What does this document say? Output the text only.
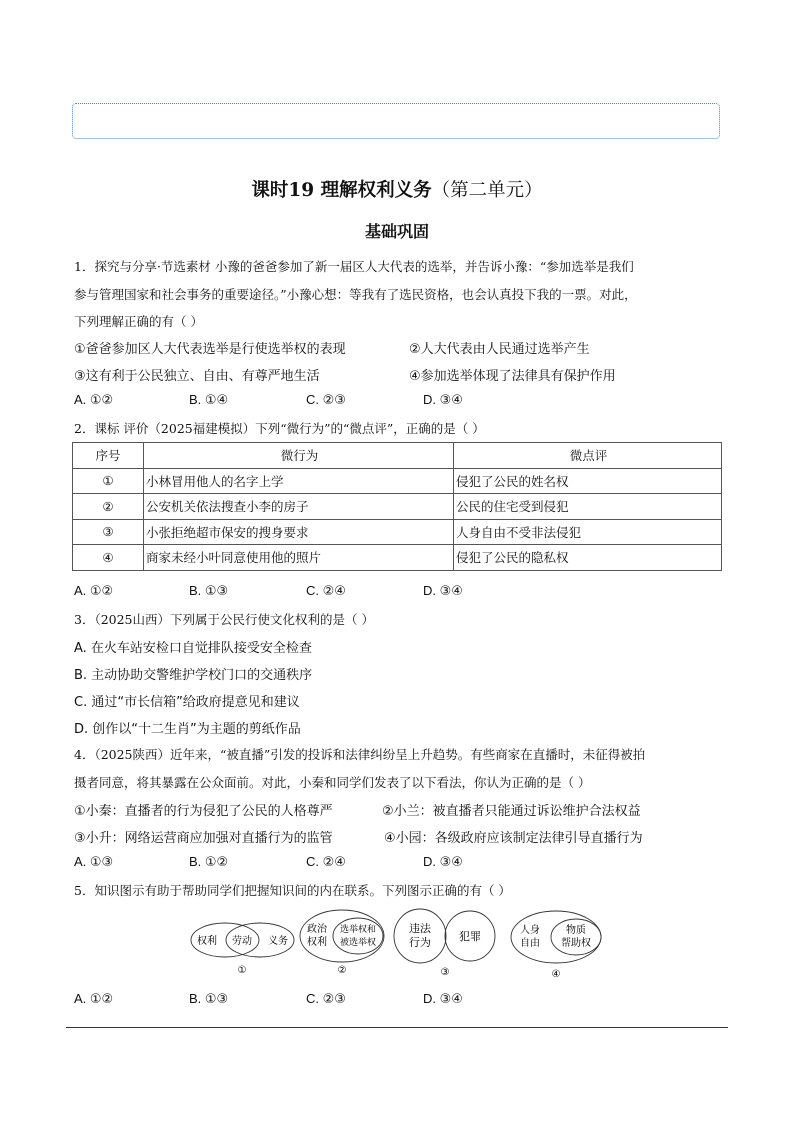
课时19 理解权利义务（第二单元）
基础巩固
1．探究与分享·节选素材 小豫的爸爸参加了新一届区人大代表的选举，并告诉小豫：“参加选举是我们
参与管理国家和社会事务的重要途径。”小豫心想：等我有了选民资格，也会认真投下我的一票。对此，
下列理解正确的有（ ）
①爸爸参加区人大代表选举是行使选举权的表现	②人大代表由人民通过选举产生
③这有利于公民独立、自由、有尊严地生活	④参加选举体现了法律具有保护作用
A. ①②	B. ①④	C. ②③	D. ③④
2．课标 评价（2025福建模拟）下列“微行为”的“微点评”，正确的是（ ）
序号	微行为	微点评
①	小林冒用他人的名字上学	侵犯了公民的姓名权
②	公安机关依法搜查小李的房子	公民的住宅受到侵犯
③	小张拒绝超市保安的搜身要求	人身自由不受非法侵犯
④	商家未经小叶同意使用他的照片	侵犯了公民的隐私权
A. ①②	B. ①③	C. ②④	D. ③④
3．（2025山西）下列属于公民行使文化权利的是（ ）
A. 在火车站安检口自觉排队接受安全检查
B. 主动协助交警维护学校门口的交通秩序
C. 通过“市长信箱”给政府提意见和建议
D. 创作以“十二生肖”为主题的剪纸作品
4．（2025陕西）近年来，“被直播”引发的投诉和法律纠纷呈上升趋势。有些商家在直播时，未征得被拍
摄者同意，将其暴露在公众面前。对此，小秦和同学们发表了以下看法，你认为正确的是（ ）
①小秦：直播者的行为侵犯了公民的人格尊严	②小兰：被直播者只能通过诉讼维护合法权益
③小升：网络运营商应加强对直播行为的监管	④小园：各级政府应该制定法律引导直播行为
A. ①③	B. ①②	C. ②④	D. ③④
5．知识图示有助于帮助同学们把握知识间的内在联系。下列图示正确的有（ ）
权利 劳动 义务
①
政治
权利
选举权和
被选举权
②
违法
行为	犯罪
③
人身
自由
物质
帮助权
④
A. ①②	B. ①③	C. ②③	D. ③④
